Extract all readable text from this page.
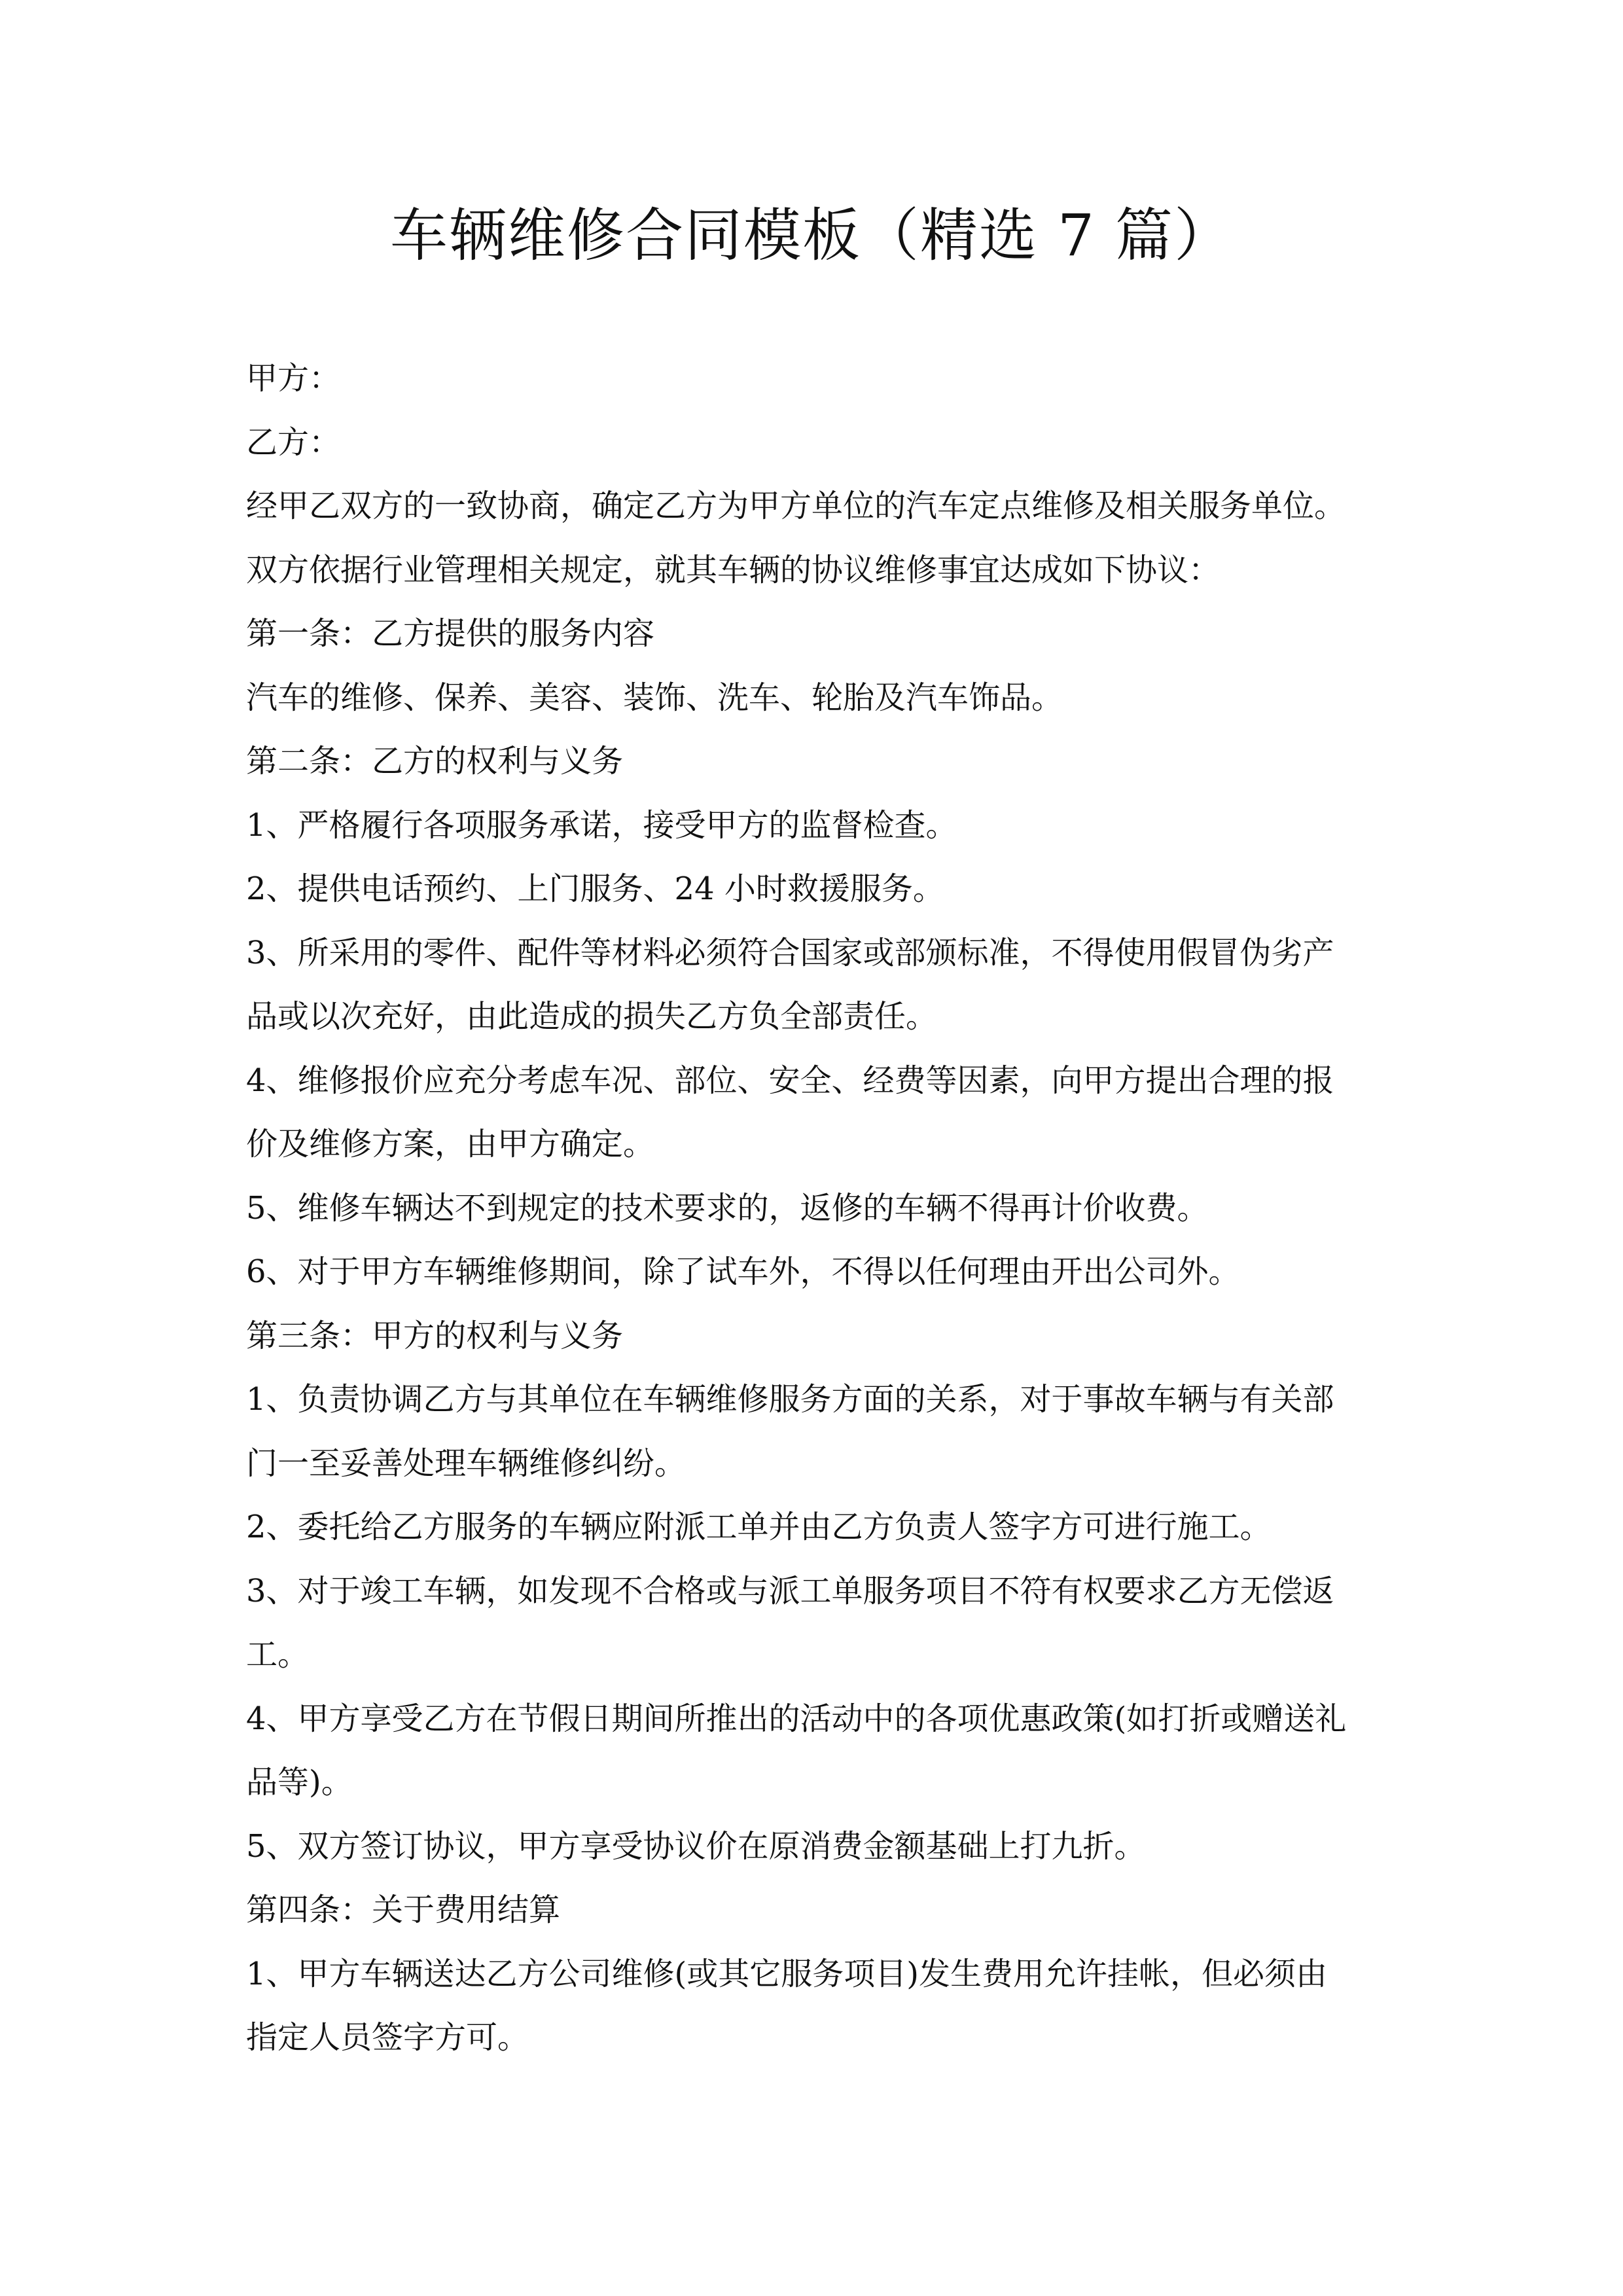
车辆维修合同模板（精选 7 篇）
甲方：
乙方：
经甲乙双方的一致协商，确定乙方为甲方单位的汽车定点维修及相关服务单位。
双方依据行业管理相关规定，就其车辆的协议维修事宜达成如下协议：
第一条：乙方提供的服务内容
汽车的维修、保养、美容、装饰、洗车、轮胎及汽车饰品。
第二条：乙方的权利与义务
1、严格履行各项服务承诺，接受甲方的监督检查。
2、提供电话预约、上门服务、24 小时救援服务。
3、所采用的零件、配件等材料必须符合国家或部颁标准，不得使用假冒伪劣产
品或以次充好，由此造成的损失乙方负全部责任。
4、维修报价应充分考虑车况、部位、安全、经费等因素，向甲方提出合理的报
价及维修方案，由甲方确定。
5、维修车辆达不到规定的技术要求的，返修的车辆不得再计价收费。
6、对于甲方车辆维修期间，除了试车外，不得以任何理由开出公司外。
第三条：甲方的权利与义务
1、负责协调乙方与其单位在车辆维修服务方面的关系，对于事故车辆与有关部
门一至妥善处理车辆维修纠纷。
2、委托给乙方服务的车辆应附派工单并由乙方负责人签字方可进行施工。
3、对于竣工车辆，如发现不合格或与派工单服务项目不符有权要求乙方无偿返
工。
4、甲方享受乙方在节假日期间所推出的活动中的各项优惠政策(如打折或赠送礼
品等)。
5、双方签订协议，甲方享受协议价在原消费金额基础上打九折。
第四条：关于费用结算
1、甲方车辆送达乙方公司维修(或其它服务项目)发生费用允许挂帐，但必须由
指定人员签字方可。
